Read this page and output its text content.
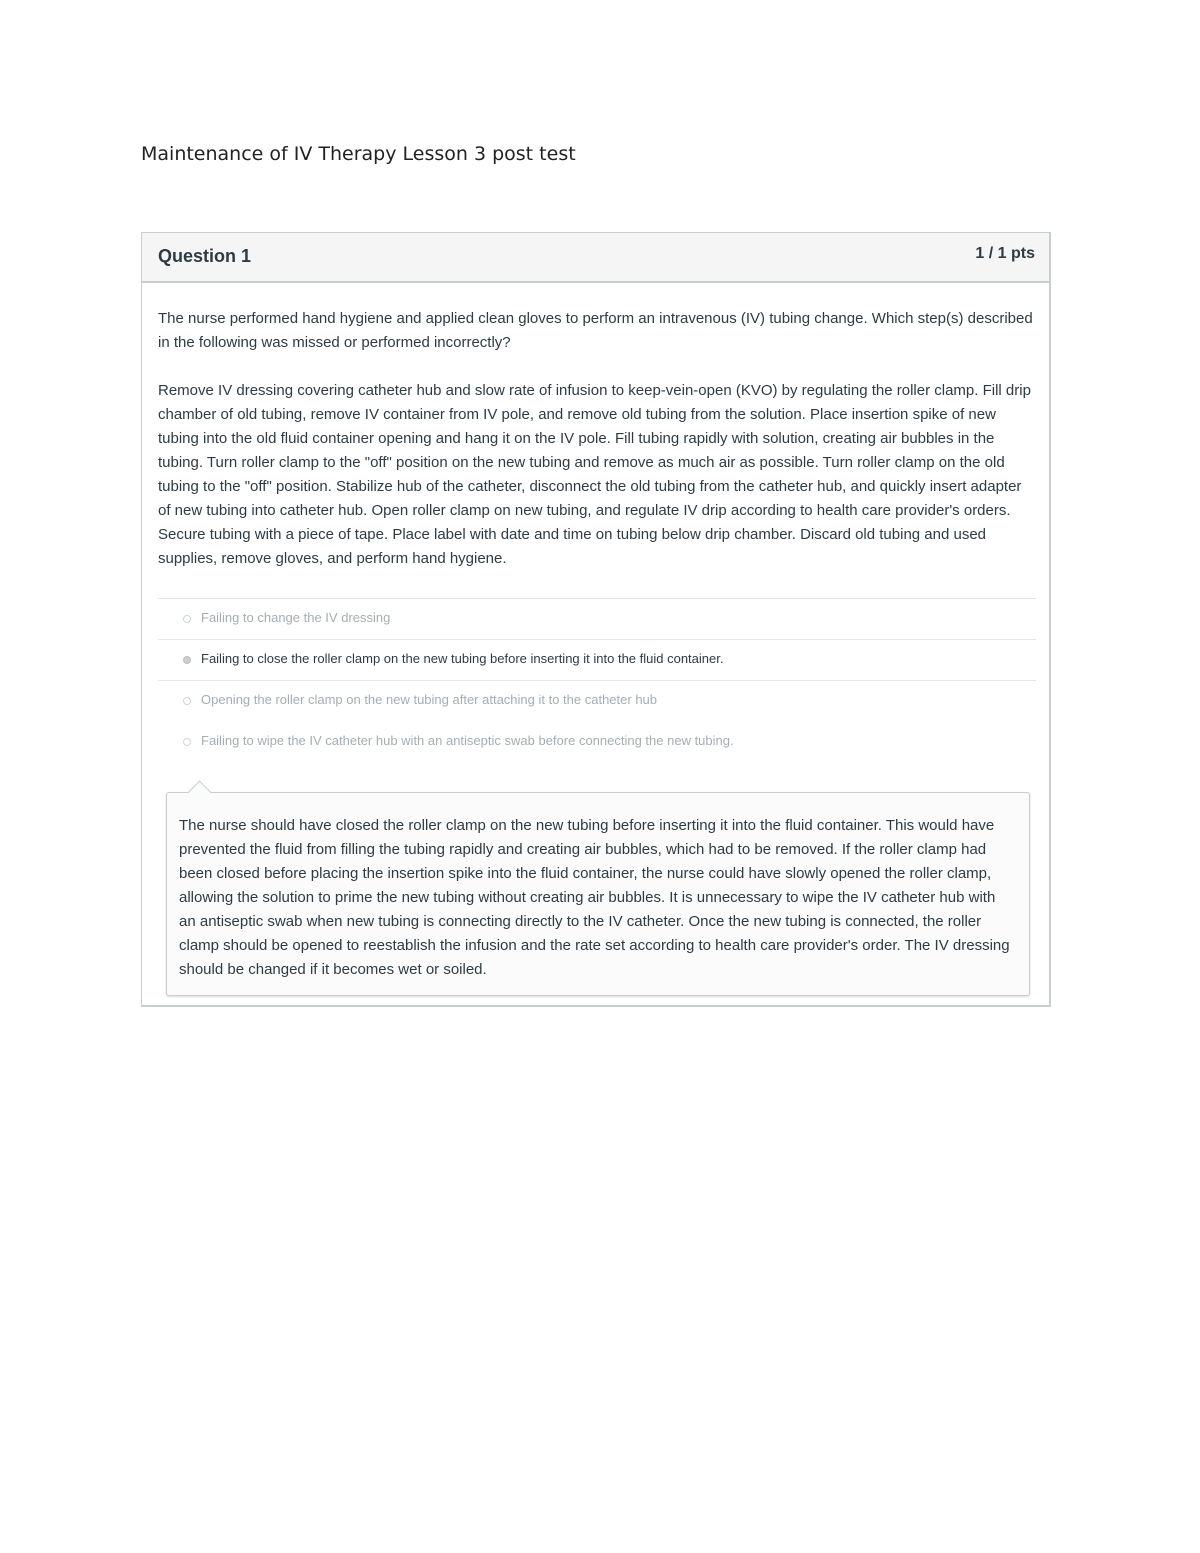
Maintenance of IV Therapy Lesson 3 post test
Question 1	1 / 1 pts

The nurse performed hand hygiene and applied clean gloves to perform an intravenous (IV) tubing change. Which step(s) described in the following was missed or performed incorrectly?

Remove IV dressing covering catheter hub and slow rate of infusion to keep-vein-open (KVO) by regulating the roller clamp. Fill drip chamber of old tubing, remove IV container from IV pole, and remove old tubing from the solution. Place insertion spike of new tubing into the old fluid container opening and hang it on the IV pole. Fill tubing rapidly with solution, creating air bubbles in the tubing. Turn roller clamp to the "off" position on the new tubing and remove as much air as possible. Turn roller clamp on the old tubing to the "off" position. Stabilize hub of the catheter, disconnect the old tubing from the catheter hub, and quickly insert adapter of new tubing into catheter hub. Open roller clamp on new tubing, and regulate IV drip according to health care provider's orders. Secure tubing with a piece of tape. Place label with date and time on tubing below drip chamber. Discard old tubing and used supplies, remove gloves, and perform hand hygiene.

Failing to change the IV dressing
Failing to close the roller clamp on the new tubing before inserting it into the fluid container.
Opening the roller clamp on the new tubing after attaching it to the catheter hub
Failing to wipe the IV catheter hub with an antiseptic swab before connecting the new tubing.
The nurse should have closed the roller clamp on the new tubing before inserting it into the fluid container. This would have prevented the fluid from filling the tubing rapidly and creating air bubbles, which had to be removed. If the roller clamp had been closed before placing the insertion spike into the fluid container, the nurse could have slowly opened the roller clamp, allowing the solution to prime the new tubing without creating air bubbles. It is unnecessary to wipe the IV catheter hub with an antiseptic swab when new tubing is connecting directly to the IV catheter. Once the new tubing is connected, the roller clamp should be opened to reestablish the infusion and the rate set according to health care provider's order. The IV dressing should be changed if it becomes wet or soiled.
